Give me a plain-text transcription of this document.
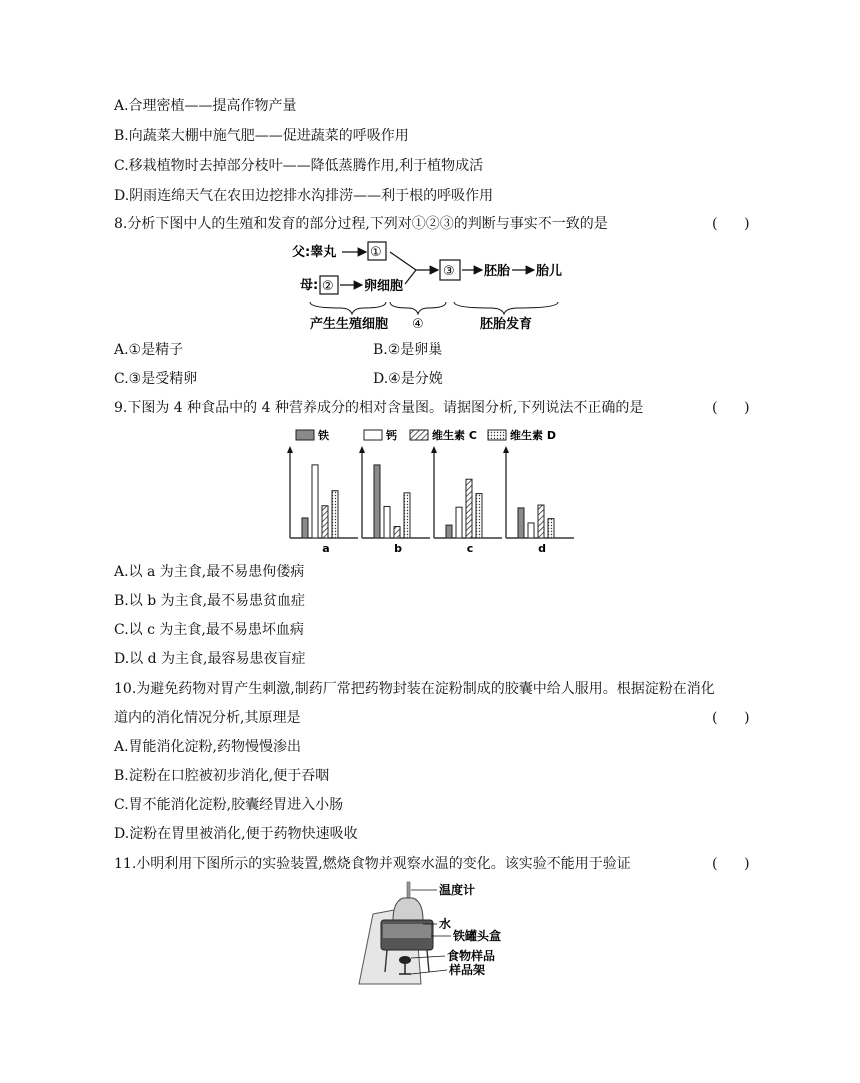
A.合理密植——提高作物产量
B.向蔬菜大棚中施气肥——促进蔬菜的呼吸作用
C.移栽植物时去掉部分枝叶——降低蒸腾作用,利于植物成活
D.阴雨连绵天气在农田边挖排水沟排涝——利于根的呼吸作用
8.分析下图中人的生殖和发育的部分过程,下列对①②③的判断与事实不一致的是	(      )
父:睾丸	①
母: ② 卵细胞
③ 胚胎 胎儿
产生生殖细胞 ④	胚胎发育
A.①是精子	B.②是卵巢
C.③是受精卵	D.④是分娩
9.下图为 4 种食品中的 4 种营养成分的相对含量图。请据图分析,下列说法不正确的是	(      )
铁	钙	维生素 C	维生素 D
a	b	c	d
A.以 a 为主食,最不易患佝偻病
B.以 b 为主食,最不易患贫血症
C.以 c 为主食,最不易患坏血病
D.以 d 为主食,最容易患夜盲症
10.为避免药物对胃产生刺激,制药厂常把药物封装在淀粉制成的胶囊中给人服用。根据淀粉在消化
道内的消化情况分析,其原理是	(      )
A.胃能消化淀粉,药物慢慢渗出
B.淀粉在口腔被初步消化,便于吞咽
C.胃不能消化淀粉,胶囊经胃进入小肠
D.淀粉在胃里被消化,便于药物快速吸收
11.小明利用下图所示的实验装置,燃烧食物并观察水温的变化。该实验不能用于验证	(      )
温度计
水
铁罐头盒
食物样品
样品架
